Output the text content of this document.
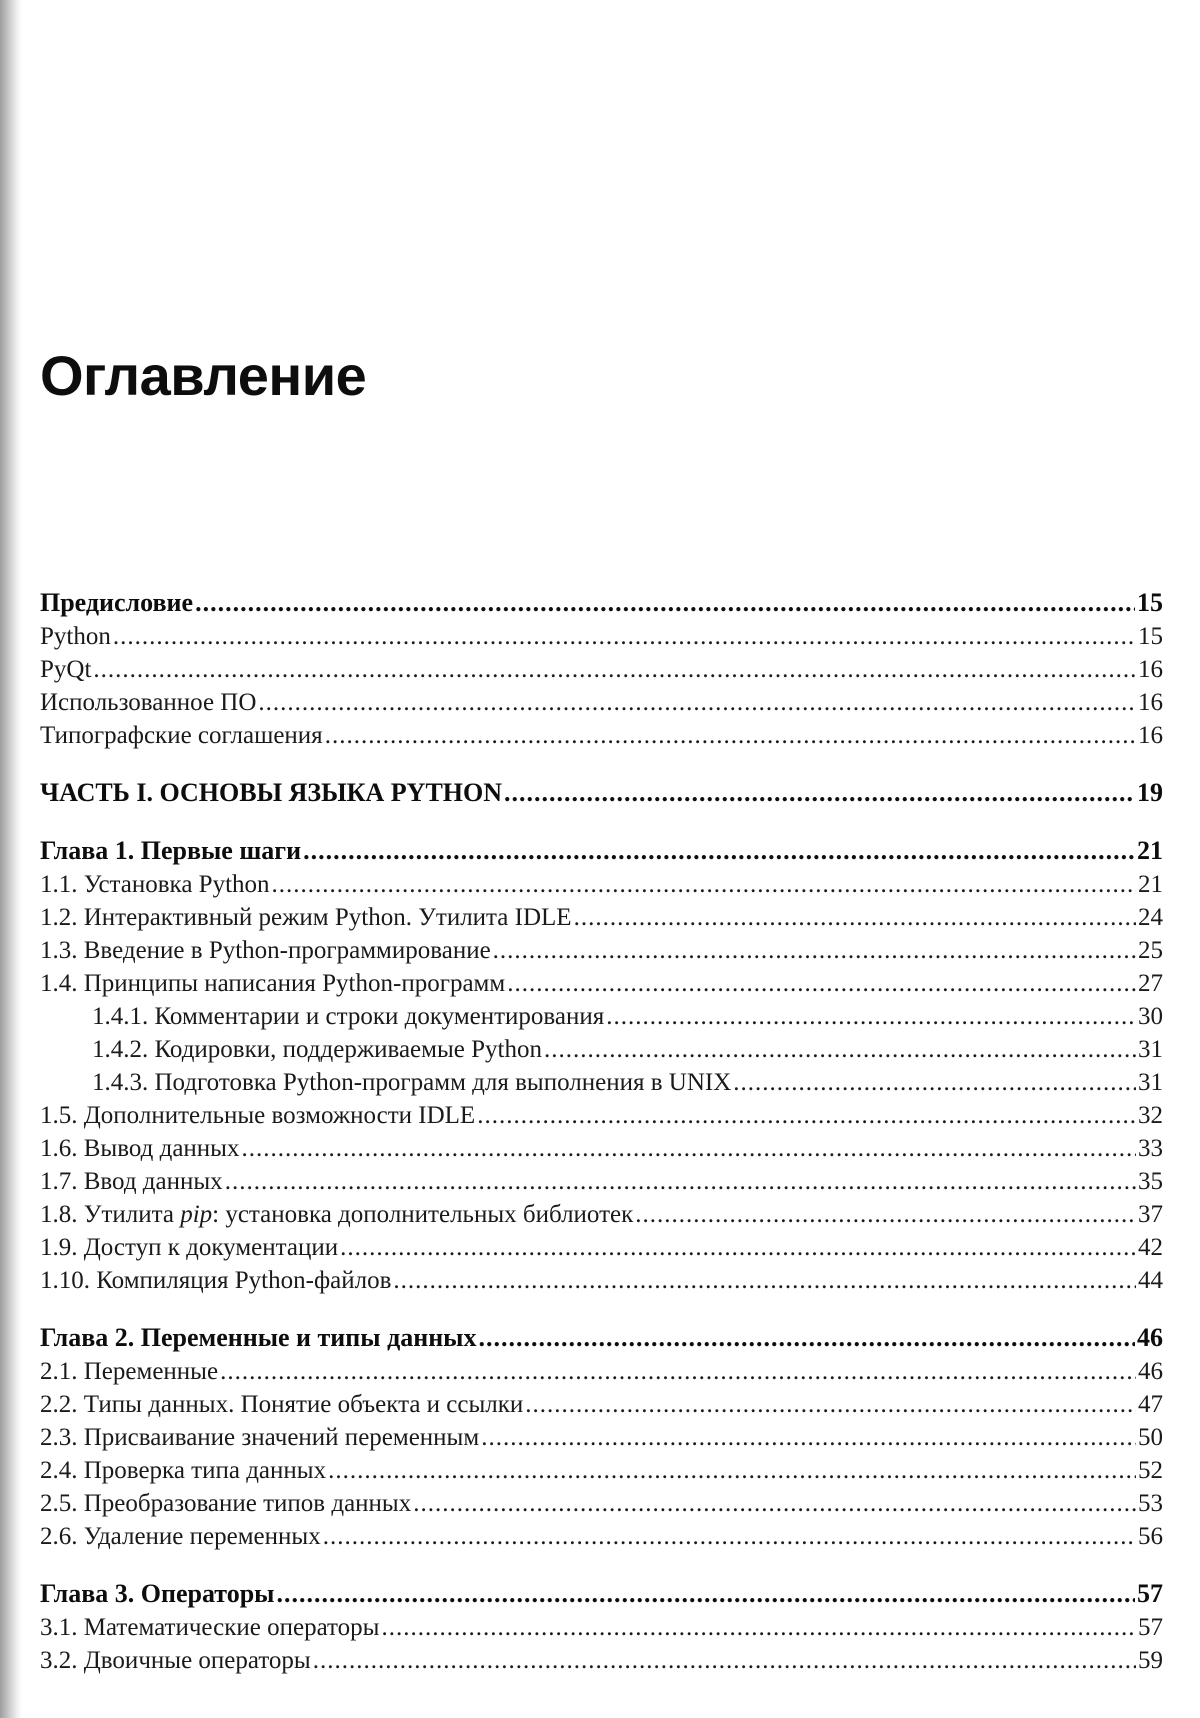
Оглавление
Предисловие .....	15
Python .....	15
PyQt .....	16
Использованное ПО .....	16
Типографские соглашения .....	16
ЧАСТЬ I. ОСНОВЫ ЯЗЫКА PYTHON .....	19
Глава 1. Первые шаги .....	21
1.1. Установка Python .....	21
1.2. Интерактивный режим Python. Утилита IDLE .....	24
1.3. Введение в Python-программирование .....	25
1.4. Принципы написания Python-программ .....	27
1.4.1. Комментарии и строки документирования .....	30
1.4.2. Кодировки, поддерживаемые Python .....	31
1.4.3. Подготовка Python-программ для выполнения в UNIX .....	31
1.5. Дополнительные возможности IDLE .....	32
1.6. Вывод данных .....	33
1.7. Ввод данных .....	35
1.8. Утилита pip: установка дополнительных библиотек .....	37
1.9. Доступ к документации .....	42
1.10. Компиляция Python-файлов .....	44
Глава 2. Переменные и типы данных .....	46
2.1. Переменные .....	46
2.2. Типы данных. Понятие объекта и ссылки .....	47
2.3. Присваивание значений переменным .....	50
2.4. Проверка типа данных .....	52
2.5. Преобразование типов данных .....	53
2.6. Удаление переменных .....	56
Глава 3. Операторы .....	57
3.1. Математические операторы .....	57
3.2. Двоичные операторы .....	59
